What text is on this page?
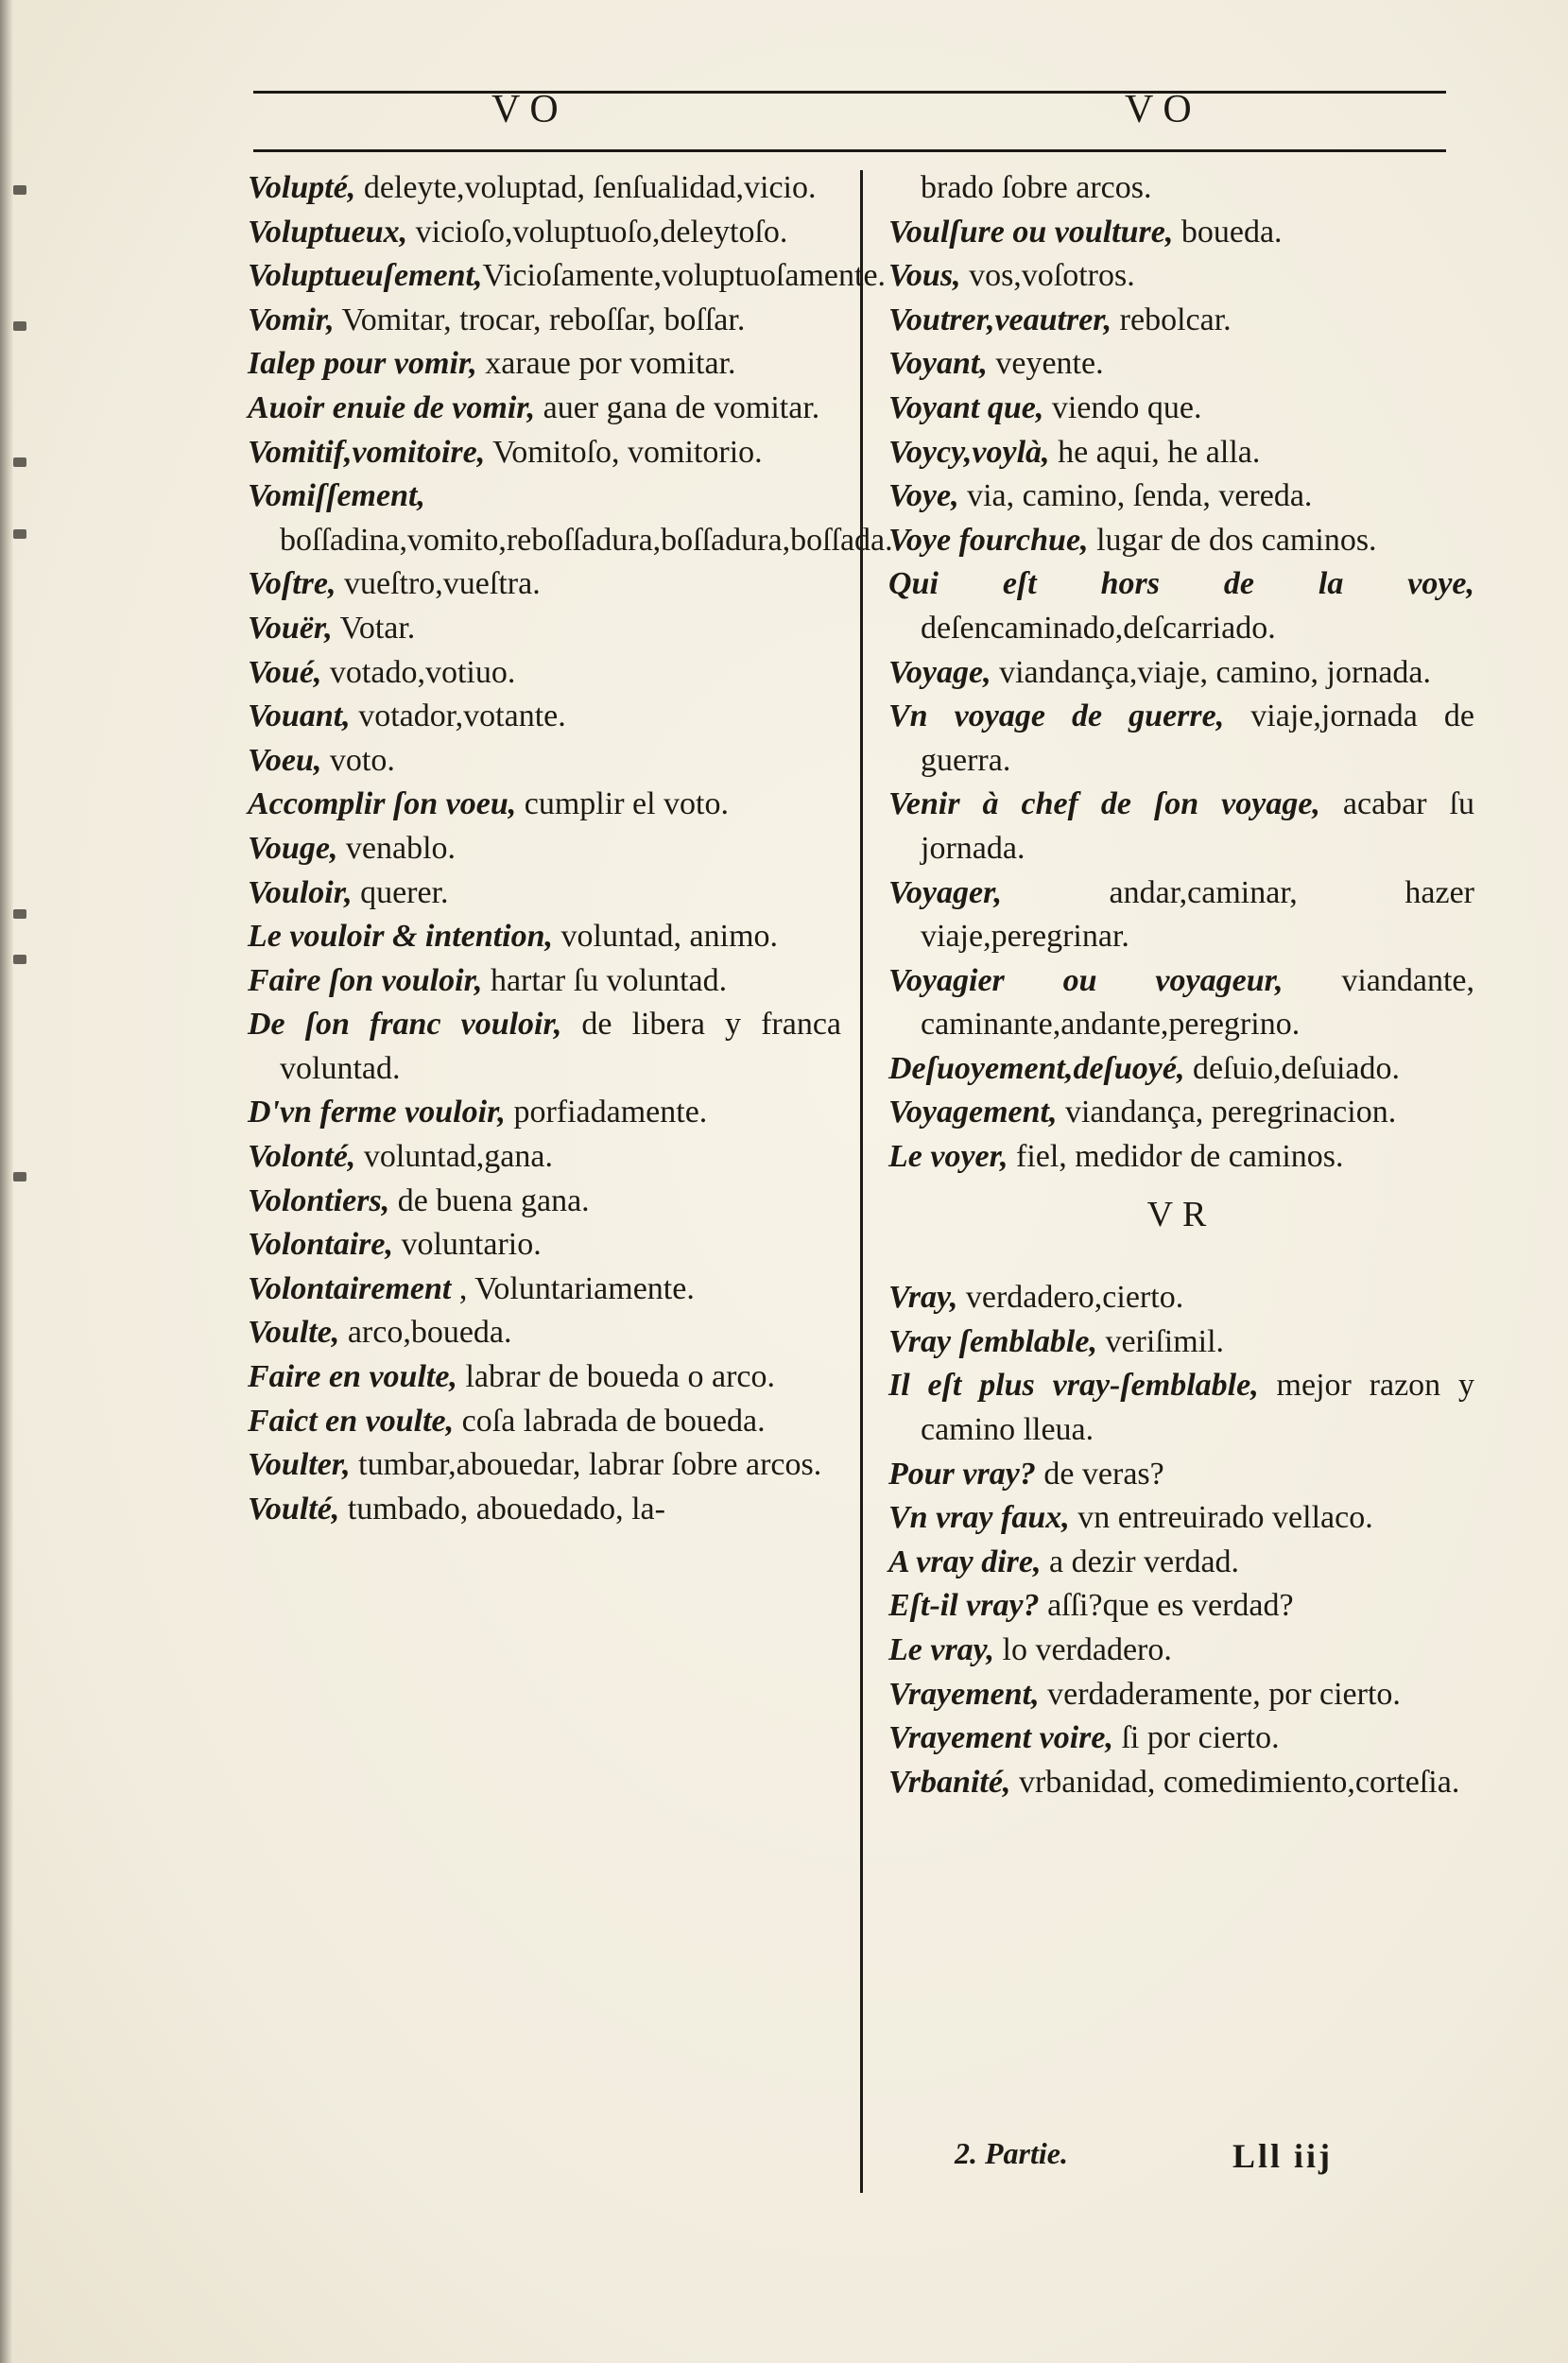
VO	VO

Volupté, deleyte,voluptad, ſenſualidad,vicio.

Voluptueux, vicioſo,voluptuoſo,deleytoſo.

Voluptueuſement,Vicioſamente,voluptuoſamente.

Vomir, Vomitar, trocar, reboſſar, boſſar.

Ialep pour vomir, xaraue por vomitar.

Auoir enuie de vomir, auer gana de vomitar.

Vomitif,vomitoire, Vomitoſo, vomitorio.

Vomiſſement, boſſadina,vomito,reboſſadura,boſſadura,boſſada.

Voſtre, vueſtro,vueſtra.

Vouër, Votar.

Voué, votado,votiuo.

Vouant, votador,votante.

Voeu, voto.

Accomplir ſon voeu, cumplir el voto.

Vouge, venablo.

Vouloir, querer.

Le vouloir & intention, voluntad, animo.

Faire ſon vouloir, hartar ſu voluntad.

De ſon franc vouloir, de libera y franca voluntad.

D'vn ferme vouloir, porfiadamente.

Volonté, voluntad,gana.

Volontiers, de buena gana.

Volontaire, voluntario.

Volontairement , Voluntariamente.

Voulte, arco,boueda.

Faire en voulte, labrar de boueda o arco.

Faict en voulte, coſa labrada de boueda.

Voulter, tumbar,abouedar, labrar ſobre arcos.

Voulté, tumbado, abouedado, la-

brado ſobre arcos.

Voulſure ou voulture, boueda.

Vous, vos,voſotros.

Voutrer,veautrer, rebolcar.

Voyant, veyente.

Voyant que, viendo que.

Voycy,voylà, he aqui, he alla.

Voye, via, camino, ſenda, vereda.

Voye fourchue, lugar de dos caminos.

Qui eſt hors de la voye, deſencaminado,deſcarriado.

Voyage, viandança,viaje, camino, jornada.

Vn voyage de guerre, viaje,jornada de guerra.

Venir à chef de ſon voyage, acabar ſu jornada.

Voyager, andar,caminar, hazer viaje,peregrinar.

Voyagier ou voyageur, viandante, caminante,andante,peregrino.

Deſuoyement,deſuoyé, deſuio,deſuiado.

Voyagement, viandança, peregrinacion.

Le voyer, fiel, medidor de caminos.

VR

Vray, verdadero,cierto.

Vray ſemblable, veriſimil.

Il eſt plus vray-ſemblable, mejor razon y camino lleua.

Pour vray? de veras?

Vn vray faux, vn entreuirado vellaco.

A vray dire, a dezir verdad.

Eſt-il vray? aſſi?que es verdad?

Le vray, lo verdadero.

Vrayement, verdaderamente, por cierto.

Vrayement voire, ſi por cierto.

Vrbanité, vrbanidad, comedimiento,corteſia.

2. Partie.	Lll iij
